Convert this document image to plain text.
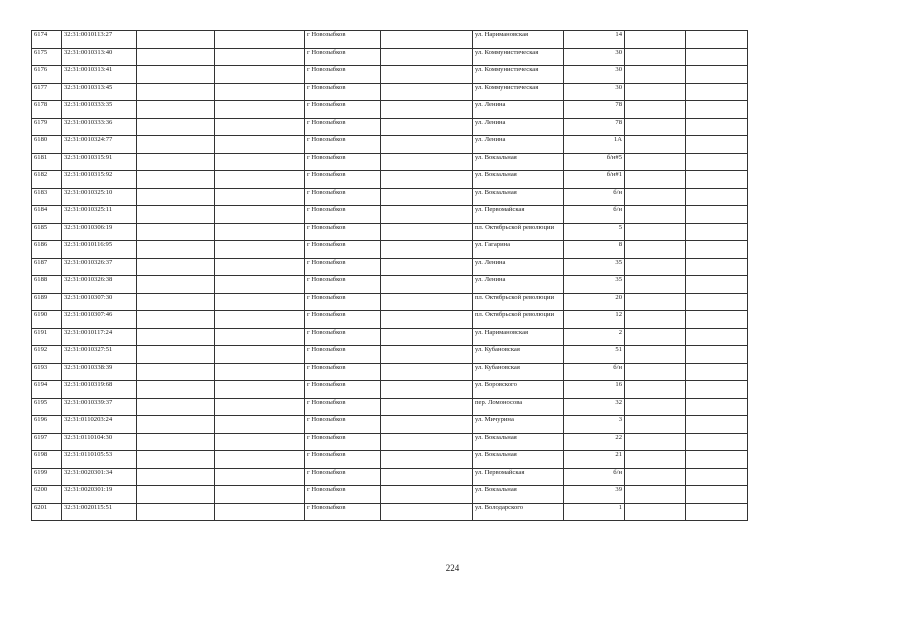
6174	32:31:0010113:27			г Новозыбков		ул. Наримановская	14		
6175	32:31:0010313:40			г Новозыбков		ул. Коммунистическая	30		
6176	32:31:0010313:41			г Новозыбков		ул. Коммунистическая	30		
6177	32:31:0010313:45			г Новозыбков		ул. Коммунистическая	30		
6178	32:31:0010333:35			г Новозыбков		ул. Ленина	78		
6179	32:31:0010333:36			г Новозыбков		ул. Ленина	78		
6180	32:31:0010324:77			г Новозыбков		ул. Ленина	1А		
6181	32:31:0010315:91			г Новозыбков		ул. Вокзальная	б/н#5		
6182	32:31:0010315:92			г Новозыбков		ул. Вокзальная	б/н#1		
6183	32:31:0010325:10			г Новозыбков		ул. Вокзальная	б/н		
6184	32:31:0010325:11			г Новозыбков		ул. Первомайская	б/н		
6185	32:31:0010306:19			г Новозыбков		пл. Октябрьской революции	5		
6186	32:31:0010116:95			г Новозыбков		ул. Гагарина	8		
6187	32:31:0010326:37			г Новозыбков		ул. Ленина	35		
6188	32:31:0010326:38			г Новозыбков		ул. Ленина	35		
6189	32:31:0010307:30			г Новозыбков		пл. Октябрьской революции	20		
6190	32:31:0010307:46			г Новозыбков		пл. Октябрьской революции	12		
6191	32:31:0010117:24			г Новозыбков		ул. Наримановская	2		
6192	32:31:0010327:51			г Новозыбков		ул. Кубановская	51		
6193	32:31:0010338:39			г Новозыбков		ул. Кубановская	б/н		
6194	32:31:0010319:68			г Новозыбков		ул. Воровского	16		
6195	32:31:0010339:37			г Новозыбков		пер. Ломоносова	32		
6196	32:31:0110203:24			г Новозыбков		ул. Мичурина	3		
6197	32:31:0110104:30			г Новозыбков		ул. Вокзальная	22		
6198	32:31:0110105:53			г Новозыбков		ул. Вокзальная	21		
6199	32:31:0020301:34			г Новозыбков		ул. Первомайская	б/н		
6200	32:31:0020301:19			г Новозыбков		ул. Вокзальная	39		
6201	32:31:0020115:51			г Новозыбков		ул. Володарского	1		
224
